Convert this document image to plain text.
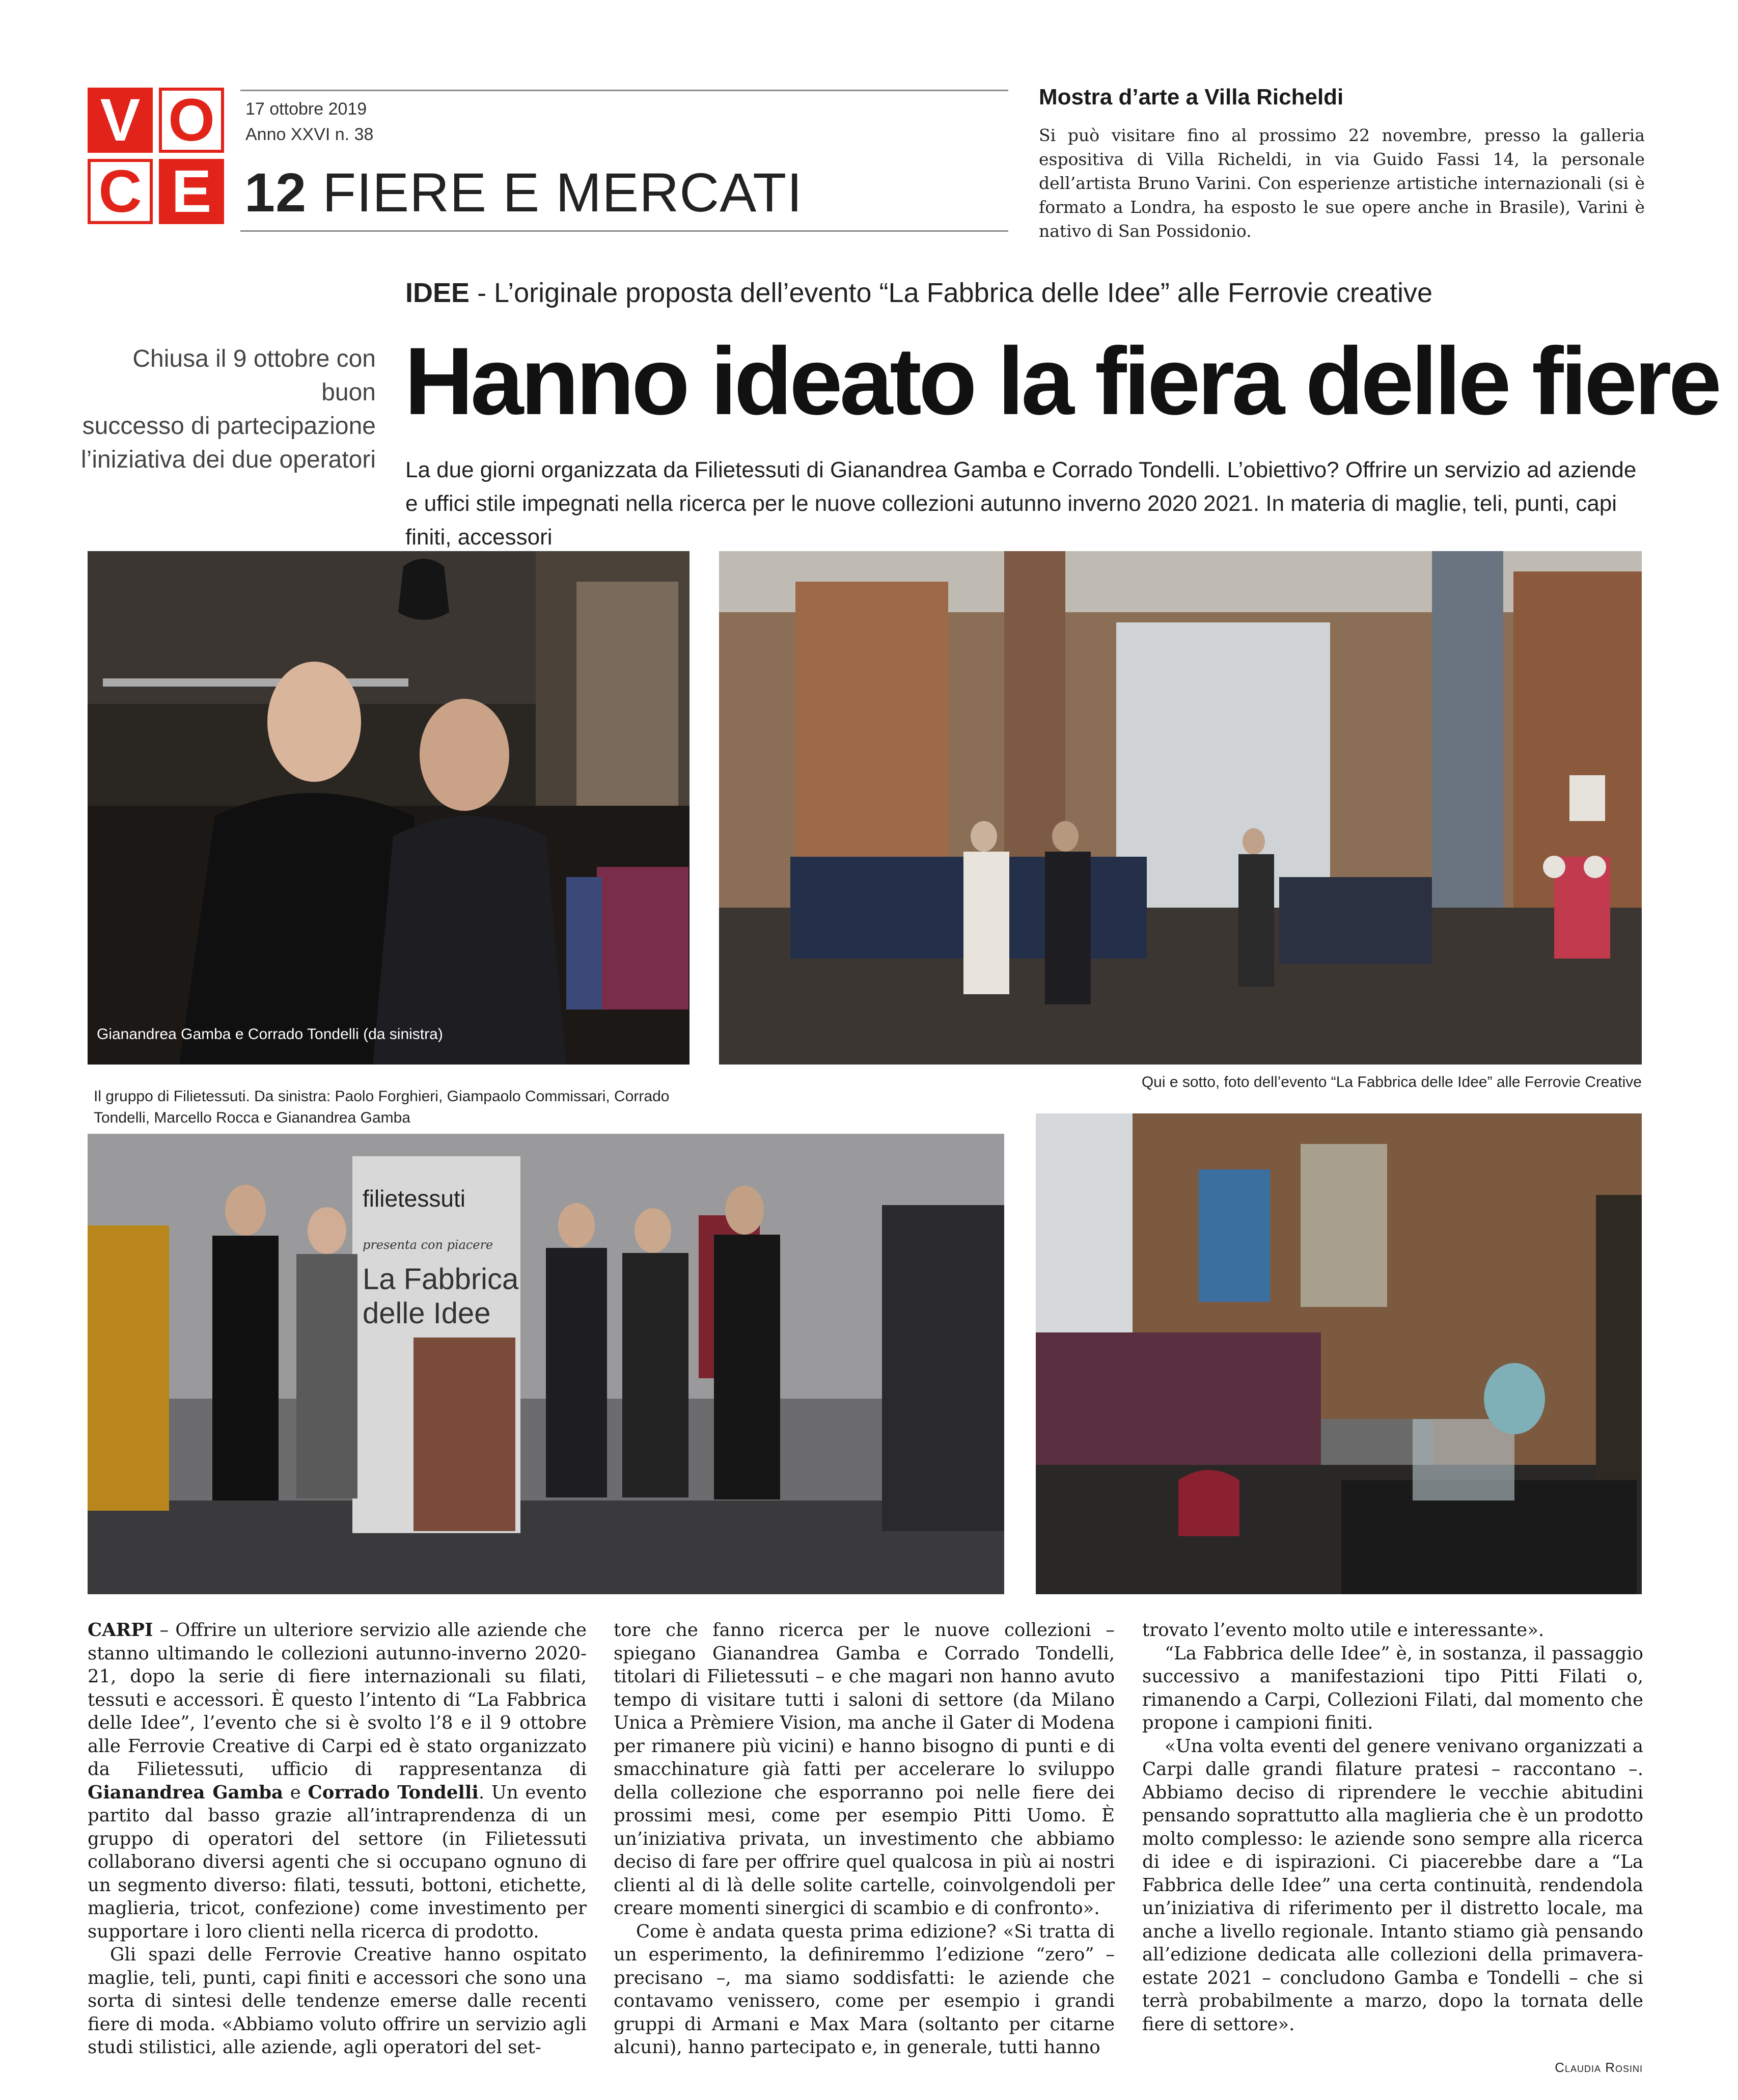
V O
C E
17 ottobre 2019
Anno XXVI n. 38
12 FIERE E MERCATI
Mostra d’arte a Villa Richeldi
Si può visitare fino al prossimo 22 novembre, presso la galleria espositiva di Villa Richeldi, in via Guido Fassi 14, la personale dell’artista Bruno Varini. Con esperienze artistiche internazionali (si è formato a Londra, ha esposto le sue opere anche in Brasile), Varini è nativo di San Possidonio.
IDEE - L’originale proposta dell’evento “La Fabbrica delle Idee” alle Ferrovie creative
Chiusa il 9 ottobre con buon
successo di partecipazione
l’iniziativa dei due operatori
Hanno ideato la fiera delle fiere
La due giorni organizzata da Filietessuti di Gianandrea Gamba e Corrado Tondelli. L’obiettivo? Offrire un servizio ad aziende e uffici stile impegnati nella ricerca per le nuove collezioni autunno inverno 2020 2021. In materia di maglie, teli, punti, capi finiti, accessori
Gianandrea Gamba e Corrado Tondelli (da sinistra)
Qui e sotto, foto dell’evento “La Fabbrica delle Idee” alle Ferrovie Creative
Il gruppo di Filietessuti. Da sinistra: Paolo Forghieri, Giampaolo Commissari, Corrado Tondelli, Marcello Rocca e Gianandrea Gamba
filietessuti
presenta con piacere
La Fabbrica
delle Idee

CARPI – Offrire un ulteriore servizio alle aziende che stanno ultimando le collezioni autunno-inverno 2020-21, dopo la serie di fiere internazionali su filati, tessuti e accessori. È questo l’intento di “La Fabbrica delle Idee”, l’evento che si è svolto l’8 e il 9 ottobre alle Ferrovie Creative di Carpi ed è stato organizzato da Filietessuti, ufficio di rappresentanza di Gianandrea Gamba e Corrado Tondelli. Un evento partito dal basso grazie all’intraprendenza di un gruppo di operatori del settore (in Filietessuti collaborano diversi agenti che si occupano ognuno di un segmento diverso: filati, tessuti, bottoni, etichette, maglieria, tricot, confezione) come investimento per supportare i loro clienti nella ricerca di prodotto.

Gli spazi delle Ferrovie Creative hanno ospitato maglie, teli, punti, capi finiti e accessori che sono una sorta di sintesi delle tendenze emerse dalle recenti fiere di moda. «Abbiamo voluto offrire un servizio agli studi stilistici, alle aziende, agli operatori del set-

tore che fanno ricerca per le nuove collezioni – spiegano Gianandrea Gamba e Corrado Tondelli, titolari di Filietessuti – e che magari non hanno avuto tempo di visitare tutti i saloni di settore (da Milano Unica a Prèmiere Vision, ma anche il Gater di Modena per rimanere più vicini) e hanno bisogno di punti e di smacchinature già fatti per accelerare lo sviluppo della collezione che esporranno poi nelle fiere dei prossimi mesi, come per esempio Pitti Uomo. È un’iniziativa privata, un investimento che abbiamo deciso di fare per offrire quel qualcosa in più ai nostri clienti al di là delle solite cartelle, coinvolgendoli per creare momenti sinergici di scambio e di confronto».

Come è andata questa prima edizione? «Si tratta di un esperimento, la definiremmo l’edizione “zero” – precisano –, ma siamo soddisfatti: le aziende che contavamo venissero, come per esempio i grandi gruppi di Armani e Max Mara (soltanto per citarne alcuni), hanno partecipato e, in generale, tutti hanno

trovato l’evento molto utile e interessante».

“La Fabbrica delle Idee” è, in sostanza, il passaggio successivo a manifestazioni tipo Pitti Filati o, rimanendo a Carpi, Collezioni Filati, dal momento che propone i campioni finiti.

«Una volta eventi del genere venivano organizzati a Carpi dalle grandi filature pratesi – raccontano –. Abbiamo deciso di riprendere le vecchie abitudini pensando soprattutto alla maglieria che è un prodotto molto complesso: le aziende sono sempre alla ricerca di idee e di ispirazioni. Ci piacerebbe dare a “La Fabbrica delle Idee” una certa continuità, rendendola un’iniziativa di riferimento per il distretto locale, ma anche a livello regionale. Intanto stiamo già pensando all’edizione dedicata alle collezioni della primavera-estate 2021 – concludono Gamba e Tondelli – che si terrà probabilmente a marzo, dopo la tornata delle fiere di settore».

Claudia Rosini
